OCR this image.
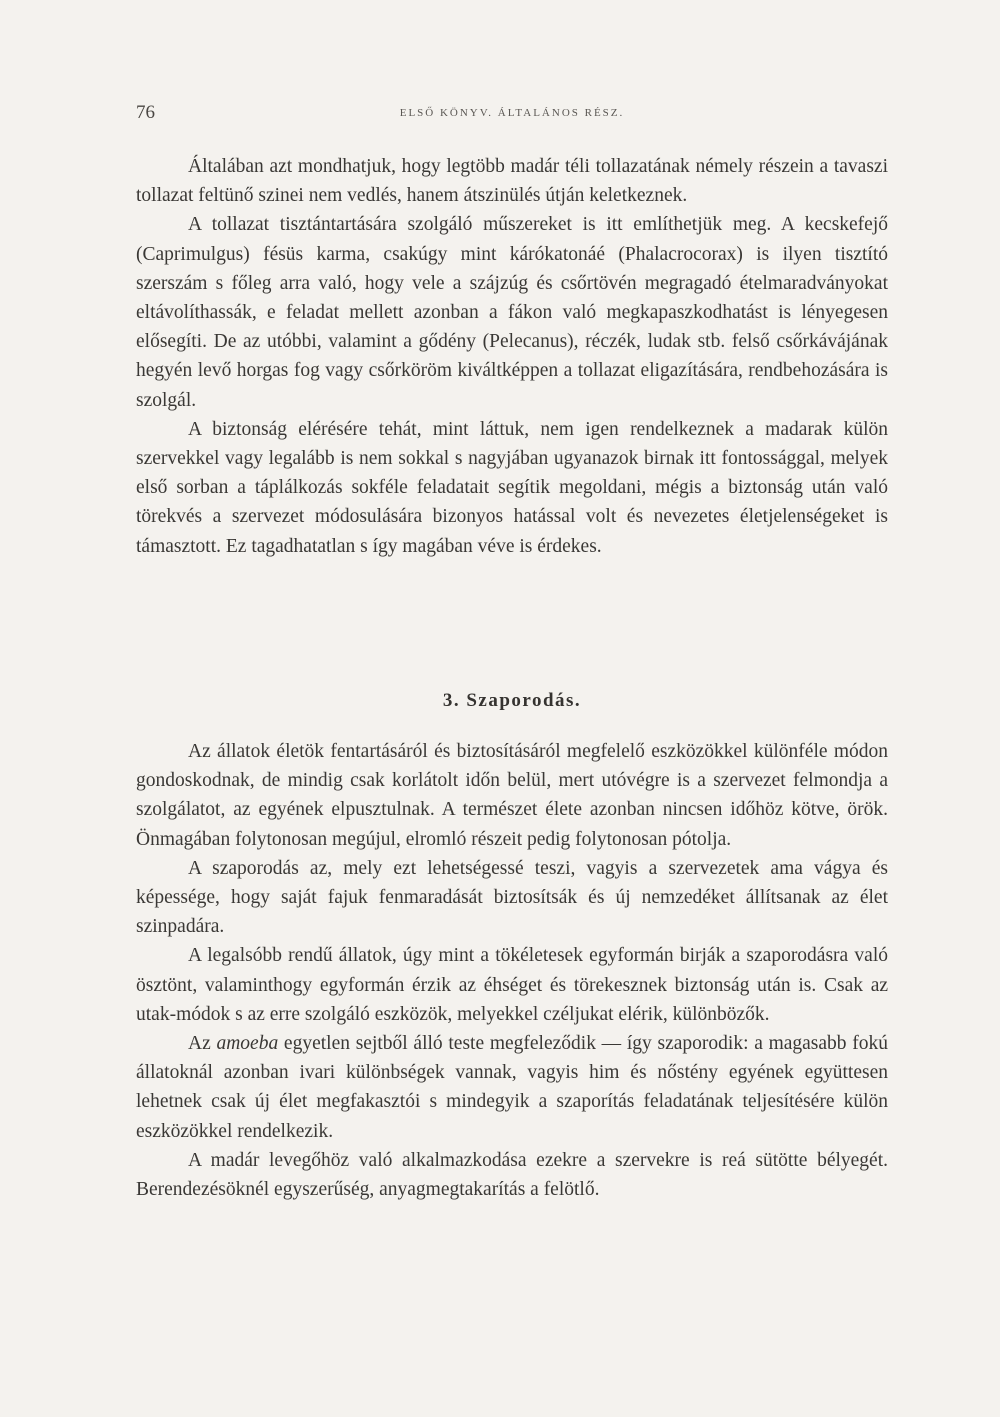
76	ELSŐ KÖNYV. ÁLTALÁNOS RÉSZ.

Általában azt mondhatjuk, hogy legtöbb madár téli tollazatának némely részein a tavaszi tollazat feltünő szinei nem vedlés, hanem átszinülés útján keletkeznek.

A tollazat tisztántartására szolgáló műszereket is itt említhetjük meg. A kecskefejő (Caprimulgus) fésüs karma, csakúgy mint kárókatonáé (Phalacrocorax) is ilyen tisztító szerszám s főleg arra való, hogy vele a szájzúg és csőrtövén megragadó ételmaradványokat eltávolíthassák, e feladat mellett azonban a fákon való megkapaszkodhatást is lényegesen elősegíti. De az utóbbi, valamint a gődény (Pelecanus), réczék, ludak stb. felső csőrkávájának hegyén levő horgas fog vagy csőrköröm kiváltképpen a tollazat eligazítására, rendbehozására is szolgál.

A biztonság elérésére tehát, mint láttuk, nem igen rendelkeznek a madarak külön szervekkel vagy legalább is nem sokkal s nagyjában ugyanazok birnak itt fontossággal, melyek első sorban a táplálkozás sokféle feladatait segítik megoldani, mégis a biztonság után való törekvés a szervezet módosulására bizonyos hatással volt és nevezetes életjelenségeket is támasztott. Ez tagadhatatlan s így magában véve is érdekes.

3. Szaporodás.

Az állatok életök fentartásáról és biztosításáról megfelelő eszközökkel különféle módon gondoskodnak, de mindig csak korlátolt időn belül, mert utóvégre is a szervezet felmondja a szolgálatot, az egyének elpusztulnak. A természet élete azonban nincsen időhöz kötve, örök. Önmagában folytonosan megújul, elromló részeit pedig folytonosan pótolja.

A szaporodás az, mely ezt lehetségessé teszi, vagyis a szervezetek ama vágya és képessége, hogy saját fajuk fenmaradását biztosítsák és új nemzedéket állítsanak az élet szinpadára.

A legalsóbb rendű állatok, úgy mint a tökéletesek egyformán birják a szaporodásra való ösztönt, valaminthogy egyformán érzik az éhséget és törekesznek biztonság után is. Csak az utak-módok s az erre szolgáló eszközök, melyekkel czéljukat elérik, különbözők.

Az amoeba egyetlen sejtből álló teste megfeleződik — így szaporodik: a magasabb fokú állatoknál azonban ivari különbségek vannak, vagyis him és nőstény egyének együttesen lehetnek csak új élet megfakasztói s mindegyik a szaporítás feladatának teljesítésére külön eszközökkel rendelkezik.

A madár levegőhöz való alkalmazkodása ezekre a szervekre is reá sütötte bélyegét. Berendezésöknél egyszerűség, anyagmegtakarítás a felötlő.
